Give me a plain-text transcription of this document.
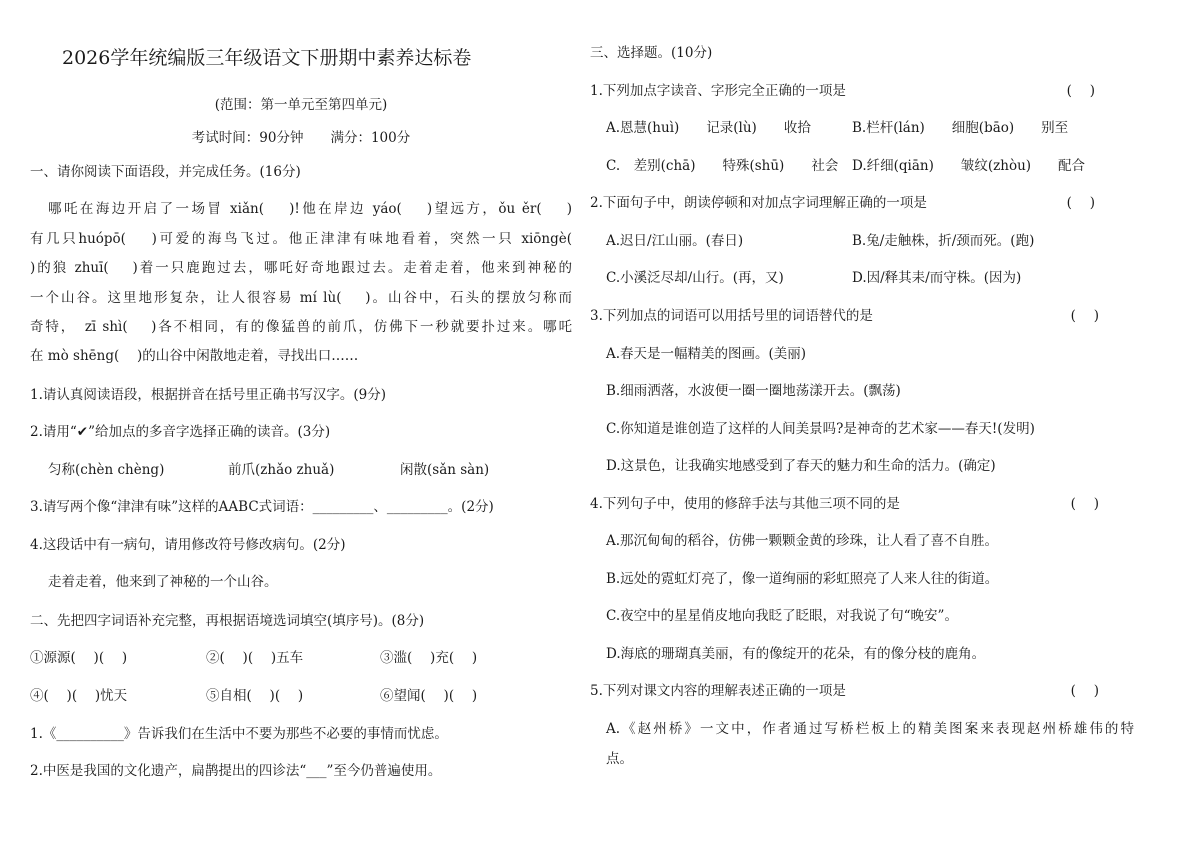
2026学年统编版三年级语文下册期中素养达标卷
(范围：第一单元至第四单元)
考试时间：90分钟　　满分：100分
一、请你阅读下面语段，并完成任务。(16分)
哪吒在海边开启了一场冒 xiǎn(　 )!他在岸边 yáo(　 )望远方，ǒu ěr(　 )
有几只huópō(　 )可爱的海鸟飞过。他正津津有味地看着，突然一只 xiōngè(
)的狼 zhuī(　 )着一只鹿跑过去，哪吒好奇地跟过去。走着走着，他来到神秘的
一个山谷。这里地形复杂，让人很容易 mí lù(　 )。山谷中，石头的摆放匀称而
奇特，　zī shì(　 )各不相同，有的像猛兽的前爪，仿佛下一秒就要扑过来。哪吒
在 mò shēng(　 )的山谷中闲散地走着，寻找出口……
1.请认真阅读语段，根据拼音在括号里正确书写汉字。(9分)
2.请用“✔”给加点的多音字选择正确的读音。(3分)
匀称(chèn chèng)	前爪(zhǎo zhuǎ)	闲散(sǎn sàn)
3.请写两个像“津津有味”这样的AABC式词语：_________、_________。(2分)
4.这段话中有一病句，请用修改符号修改病句。(2分)
走着走着，他来到了神秘的一个山谷。
二、先把四字词语补充完整，再根据语境选词填空(填序号)。(8分)
①源源(　 )(　 )	②(　 )(　 )五车	③滥(　 )充(　 )
④(　 )(　 )忧天	⑤自相(　 )(　 )	⑥望闻(　 )(　 )
1.《__________》告诉我们在生活中不要为那些不必要的事情而忧虑。
2.中医是我国的文化遗产，扁鹊提出的四诊法“___”至今仍普遍使用。
三、选择题。(10分)
1.下列加点字读音、字形完全正确的一项是	(　 )
A.恩慧(huì)　　记录(lù)　　收拾	B.栏杆(lán)　　细胞(bāo)　　别至
C.　差别(chā)　　特殊(shū)　　社会 D.纤细(qiān)　　皱纹(zhòu)　　配合
2.下面句子中，朗读停顿和对加点字词理解正确的一项是	(　 )
A.迟日/江山丽。(春日)	B.兔/走触株，折/颈而死。(跑)
C.小溪泛尽却/山行。(再，又)	D.因/释其耒/而守株。(因为)
3.下列加点的词语可以用括号里的词语替代的是	(　 )
A.春天是一幅精美的图画。(美丽)
B.细雨洒落，水波便一圈一圈地荡漾开去。(飘荡)
C.你知道是谁创造了这样的人间美景吗?是神奇的艺术家——春天!(发明)
D.这景色，让我确实地感受到了春天的魅力和生命的活力。(确定)
4.下列句子中，使用的修辞手法与其他三项不同的是	(　 )
A.那沉甸甸的稻谷，仿佛一颗颗金黄的珍珠，让人看了喜不自胜。
B.远处的霓虹灯亮了，像一道绚丽的彩虹照亮了人来人往的街道。
C.夜空中的星星俏皮地向我眨了眨眼，对我说了句“晚安”。
D.海底的珊瑚真美丽，有的像绽开的花朵，有的像分枝的鹿角。
5.下列对课文内容的理解表述正确的一项是	(　 )
A.《赵州桥》一文中，作者通过写桥栏板上的精美图案来表现赵州桥雄伟的特
点。
